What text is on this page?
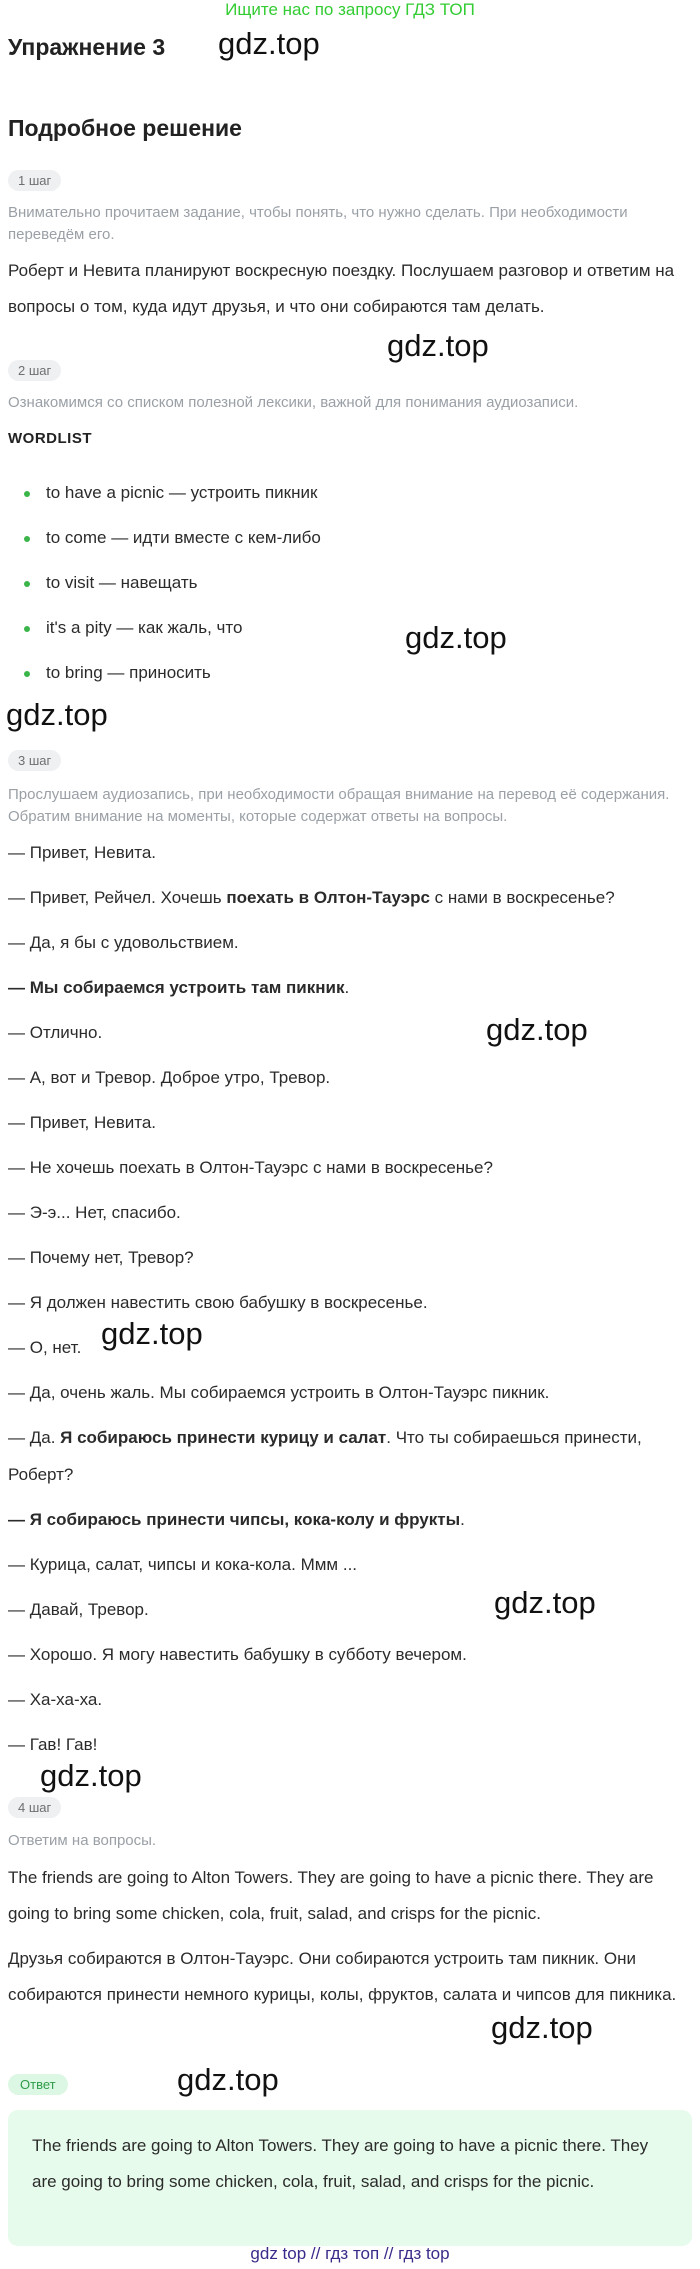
Ищите нас по запросу ГДЗ ТОП
Упражнение 3 gdz.top
Подробное решение
1 шаг
Внимательно прочитаем задание, чтобы понять, что нужно сделать. При необходимости переведём его.
Роберт и Невита планируют воскресную поездку. Послушаем разговор и ответим на вопросы о том, куда идут друзья, и что они собираются там делать.
gdz.top
2 шаг
Ознакомимся со списком полезной лексики, важной для понимания аудиозаписи.
WORDLIST
to have a picnic — устроить пикник
to come — идти вместе с кем-либо
to visit — навещать
it's a pity — как жаль, что	gdz.top
to bring — приносить
gdz.top
3 шаг
Прослушаем аудиозапись, при необходимости обращая внимание на перевод её содержания. Обратим внимание на моменты, которые содержат ответы на вопросы.
— Привет, Невита.
— Привет, Рейчел. Хочешь поехать в Олтон-Тауэрс с нами в воскресенье?
— Да, я бы с удовольствием.
— Мы собираемся устроить там пикник.
— Отлично.	gdz.top
— А, вот и Тревор. Доброе утро, Тревор.
— Привет, Невита.
— Не хочешь поехать в Олтон-Тауэрс с нами в воскресенье?
— Э-э... Нет, спасибо.
— Почему нет, Тревор?
— Я должен навестить свою бабушку в воскресенье.
— О, нет. gdz.top
— Да, очень жаль. Мы собираемся устроить в Олтон-Тауэрс пикник.
— Да. Я собираюсь принести курицу и салат. Что ты собираешься принести,
Роберт?
— Я собираюсь принести чипсы, кока-колу и фрукты.
— Курица, салат, чипсы и кока-кола. Ммм ...
— Давай, Тревор.	gdz.top
— Хорошо. Я могу навестить бабушку в субботу вечером.
— Ха-ха-ха.
— Гав! Гав!
gdz.top
4 шаг
Ответим на вопросы.
The friends are going to Alton Towers. They are going to have a picnic there. They are going to bring some chicken, cola, fruit, salad, and crisps for the picnic.
Друзья собираются в Олтон-Тауэрс. Они собираются устроить там пикник. Они собираются принести немного курицы, колы, фруктов, салата и чипсов для пикника.
gdz.top
Ответ	gdz.top
The friends are going to Alton Towers. They are going to have a picnic there. They are going to bring some chicken, cola, fruit, salad, and crisps for the picnic.
gdz top // гдз топ // гдз top
